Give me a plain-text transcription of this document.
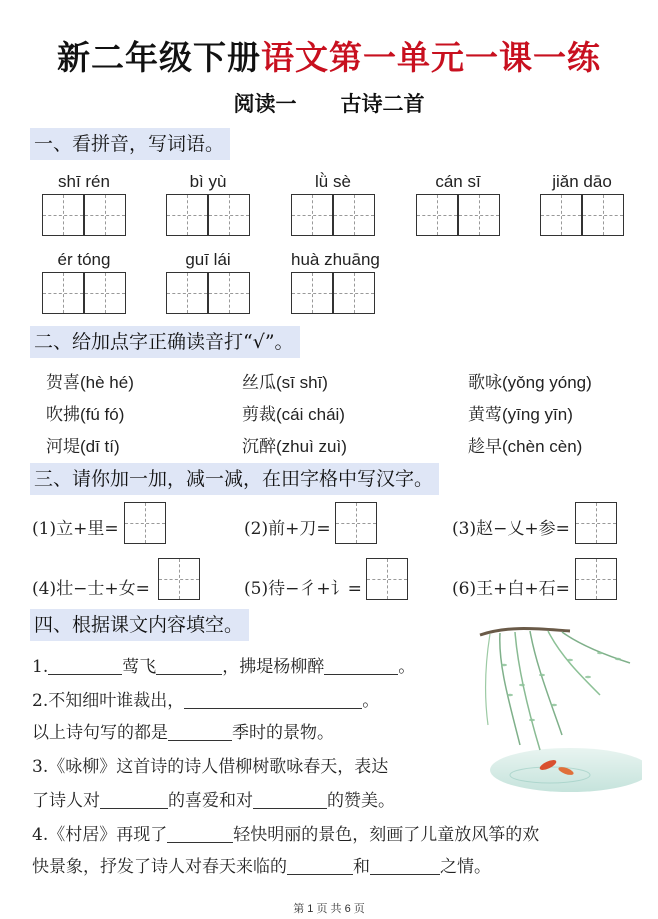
新二年级下册语文第一单元一课一练
阅读一 古诗二首
一、看拼音，写词语。
shī rén	bì yù	lǜ sè	cán sī	jiǎn dāo
ér tóng	guī lái	huà zhuāng
二、给加点字正确读音打“√”。
贺喜(hè hé)	丝瓜(sī shī)	歌咏(yǒng yóng)
吹拂(fú fó)	剪裁(cái chái)	黄莺(yīng yīn)
河堤(dī tí)	沉醉(zhuì zuì)	趁早(chèn cèn)
三、请你加一加，减一减，在田字格中写汉字。
(1)立+里=	(2)前+刀=	(3)赵−乂+参=
(4)壮−士+女=	(5)待−彳+讠=	(6)王+白+石=
四、根据课文内容填空。
1.	莺飞	，拂堤杨柳醉	。
2.不知细叶谁裁出，	。
以上诗句写的都是	季时的景物。
3.《咏柳》这首诗的诗人借柳树歌咏春天，表达
了诗人对	的喜爱和对	的赞美。
4.《村居》再现了	轻快明丽的景色，刻画了儿童放风筝的欢
快景象，抒发了诗人对春天来临的	和	之情。
第 1 页 共 6 页
